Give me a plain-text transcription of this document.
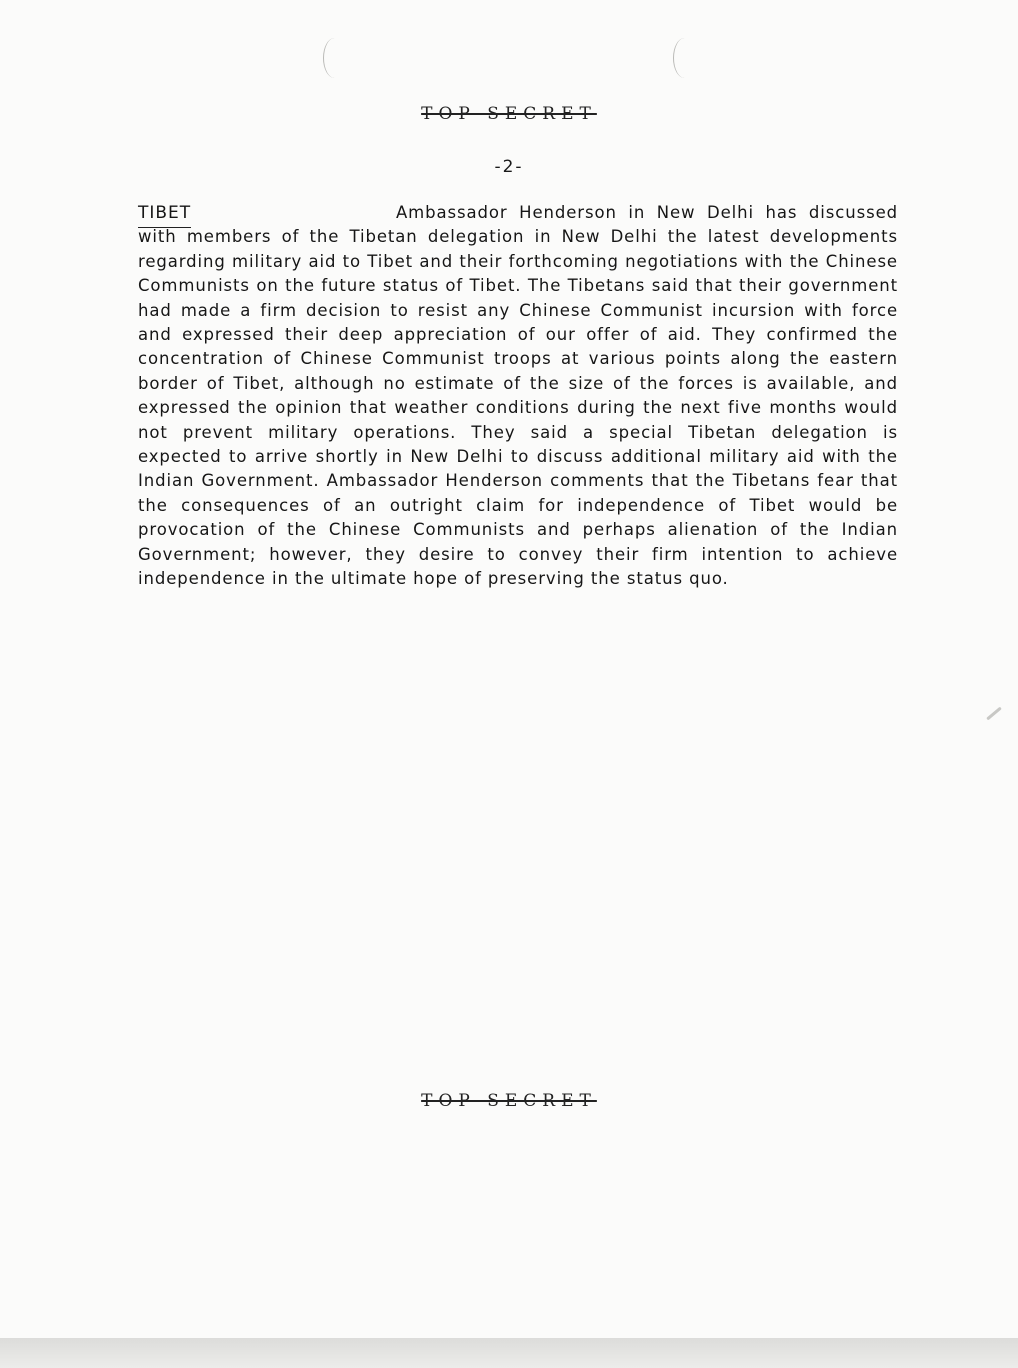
TOP SECRET
-2-

Ambassador Henderson in New Delhi has discussed with members of the Tibetan delegation in New Delhi the latest developments regarding military aid to Tibet and their forthcoming negotiations with the Chinese Communists on the future status of Tibet. The Tibetans said that their government had made a firm decision to resist any Chinese Communist incursion with force and expressed their deep appreciation of our offer of aid. They confirmed the concentration of Chinese Communist troops at various points along the eastern border of Tibet, although no estimate of the size of the forces is available, and expressed the opinion that weather conditions during the next five months would not prevent military operations. They said a special Tibetan delegation is expected to arrive shortly in New Delhi to discuss additional military aid with the Indian Government. Ambassador Henderson comments that the Tibetans fear that the consequences of an outright claim for independence of Tibet would be provocation of the Chinese Communists and perhaps alienation of the Indian Government; however, they desire to convey their firm intention to achieve independence in the ultimate hope of preserving the status quo.

TIBET
TOP SECRET
